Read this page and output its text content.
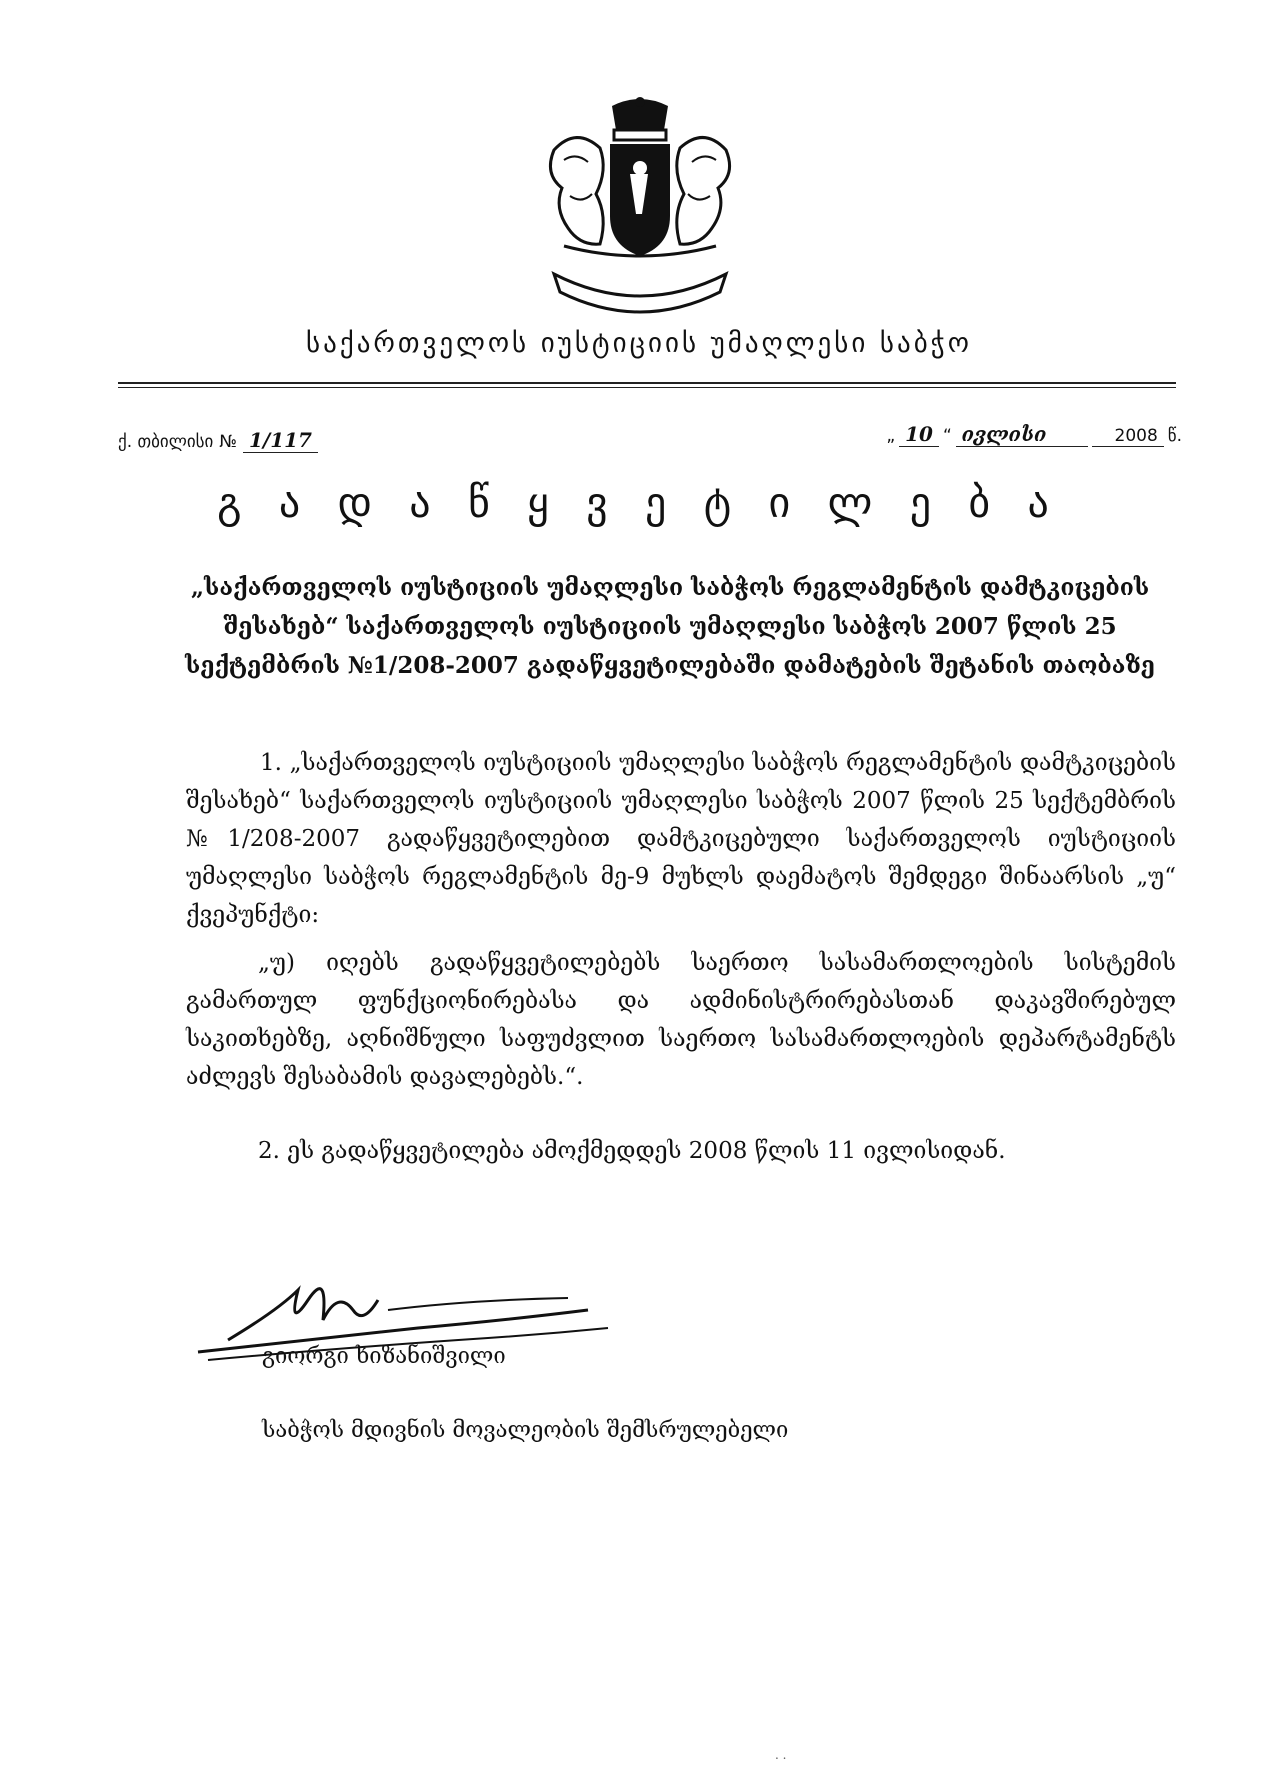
საქართველოს იუსტიციის უმაღლესი საბჭო
ქ. თბილისი № 1/117	„ 10 “ ივლისი	2008 წ.
გ ა დ ა წ ყ ვ ე ტ ი ლ ე ბ ა
„საქართველოს იუსტიციის უმაღლესი საბჭოს რეგლამენტის დამტკიცების შესახებ“ საქართველოს იუსტიციის უმაღლესი საბჭოს 2007 წლის 25 სექტემბრის №1/208-2007 გადაწყვეტილებაში დამატების შეტანის თაობაზე

1. „საქართველოს იუსტიციის უმაღლესი საბჭოს რეგლამენტის დამტკიცების შესახებ“ საქართველოს იუსტიციის უმაღლესი საბჭოს 2007 წლის 25 სექტემბრის №1/208-2007 გადაწყვეტილებით დამტკიცებული საქართველოს იუსტიციის უმაღლესი საბჭოს რეგლამენტის მე-9 მუხლს დაემატოს შემდეგი შინაარსის „უ“ ქვეპუნქტი:

„უ) იღებს გადაწყვეტილებებს საერთო სასამართლოების სისტემის გამართულ ფუნქციონირებასა და ადმინისტრირებასთან დაკავშირებულ საკითხებზე, აღნიშნული საფუძვლით საერთო სასამართლოების დეპარტამენტს აძლევს შესაბამის დავალებებს.“.

2. ეს გადაწყვეტილება ამოქმედდეს 2008 წლის 11 ივლისიდან.

გიორგი ხიზანიშვილი
საბჭოს მდივნის მოვალეობის შემსრულებელი
. .
